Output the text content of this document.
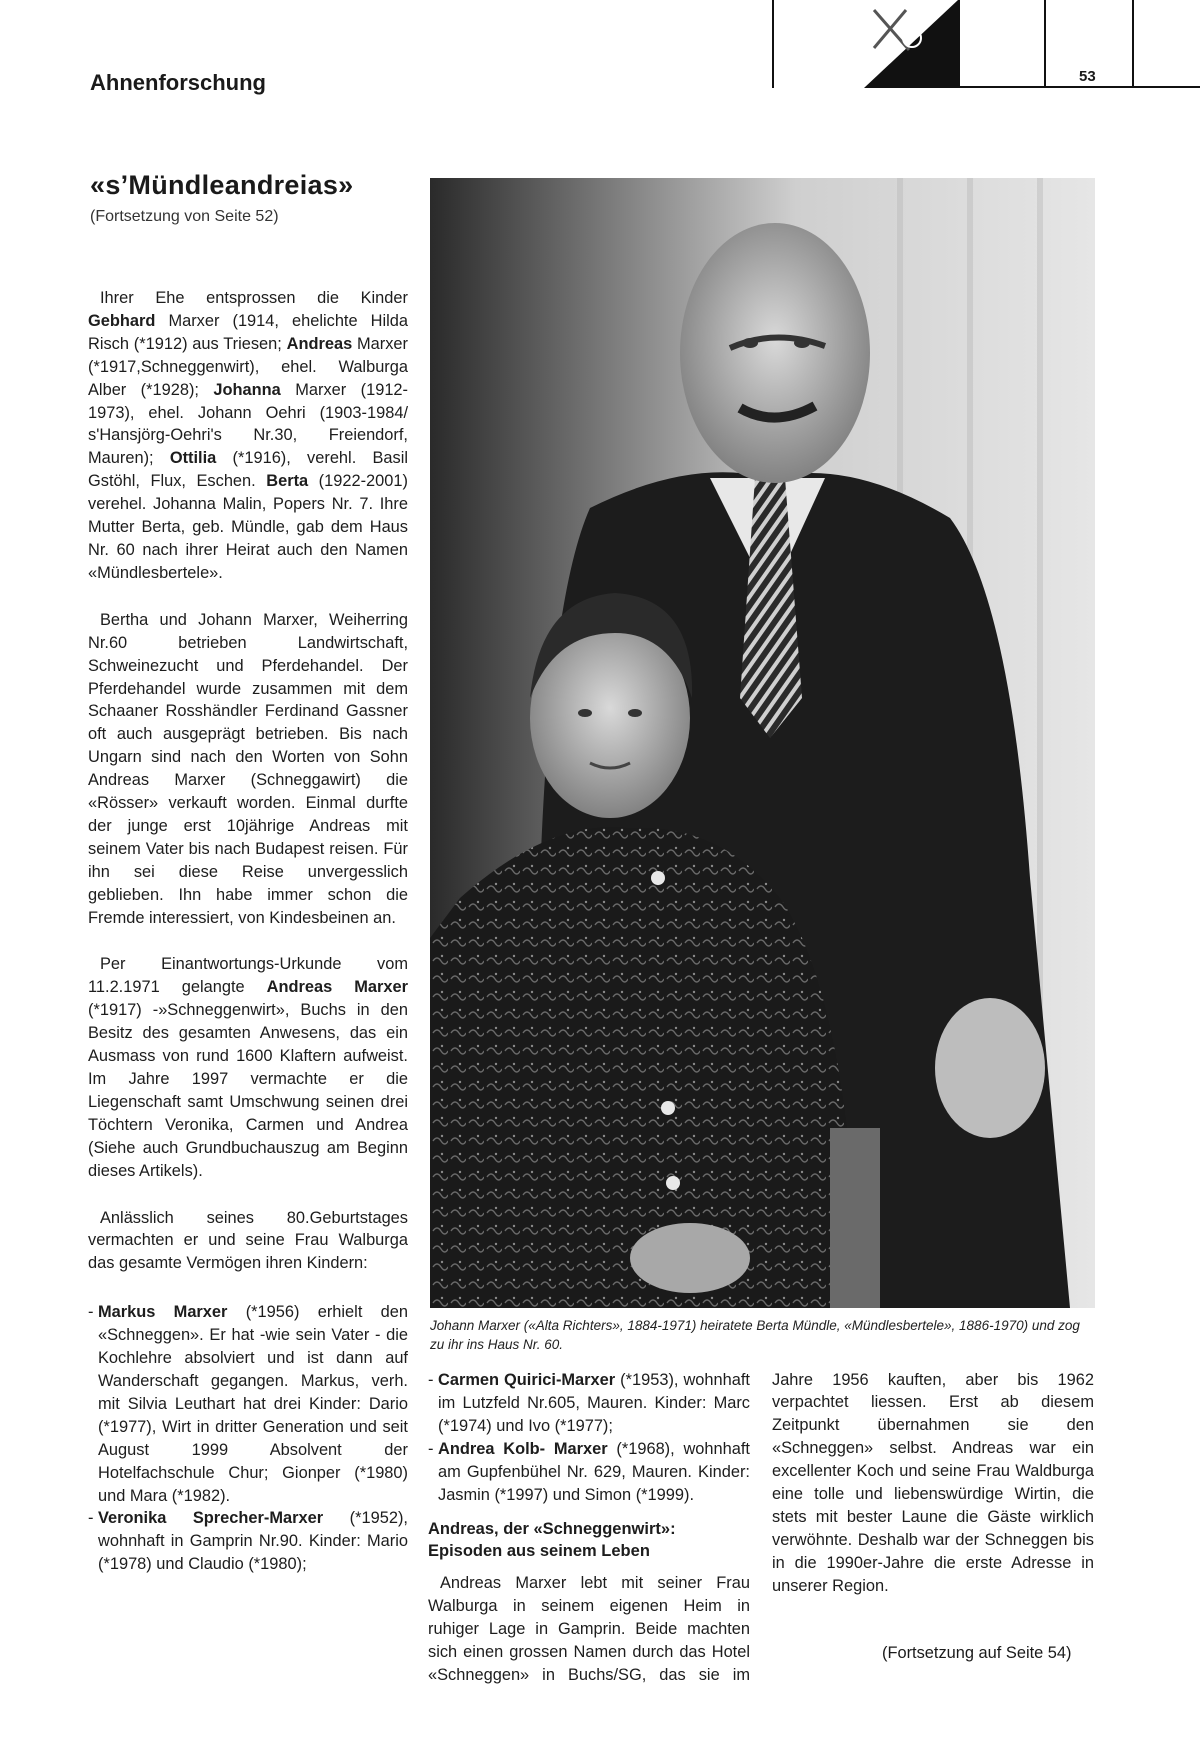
Ahnenforschung	53
«s’Mündleandreias»
(Fortsetzung von Seite 52)

Ihrer Ehe entsprossen die Kinder Gebhard Marxer (1914, ehelichte Hilda Risch (*1912) aus Triesen; Andreas Marxer (*1917,Schneggenwirt), ehel. Walburga Alber (*1928); Johanna Marxer (1912-1973), ehel. Johann Oehri (1903-1984/ s'Hansjörg-Oehri's Nr.30, Freiendorf, Mauren); Ottilia (*1916), verehl. Basil Gstöhl, Flux, Eschen. Berta (1922-2001) verehel. Johanna Malin, Popers Nr. 7. Ihre Mutter Berta, geb. Mündle, gab dem Haus Nr. 60 nach ihrer Heirat auch den Namen «Mündlesbertele».

Bertha und Johann Marxer, Weiherring Nr.60 betrieben Landwirtschaft, Schweinezucht und Pferdehandel. Der Pferdehandel wurde zusammen mit dem Schaaner Rosshändler Ferdinand Gassner oft auch ausgeprägt betrieben. Bis nach Ungarn sind nach den Worten von Sohn Andreas Marxer (Schneggawirt) die «Rösser» verkauft worden. Einmal durfte der junge erst 10jährige Andreas mit seinem Vater bis nach Budapest reisen. Für ihn sei diese Reise unvergesslich geblieben. Ihn habe immer schon die Fremde interessiert, von Kindesbeinen an.

Per Einantwortungs-Urkunde vom 11.2.1971 gelangte Andreas Marxer (*1917) -»Schneggenwirt», Buchs in den Besitz des gesamten Anwesens, das ein Ausmass von rund 1600 Klaftern aufweist. Im Jahre 1997 vermachte er die Liegenschaft samt Umschwung seinen drei Töchtern Veronika, Carmen und Andrea (Siehe auch Grundbuchauszug am Beginn dieses Artikels).

Anlässlich seines 80.Geburtstages vermachten er und seine Frau Walburga das gesamte Vermögen ihren Kindern:

- Markus Marxer (*1956) erhielt den «Schneggen». Er hat -wie sein Vater - die Kochlehre absolviert und ist dann auf Wanderschaft gegangen. Markus, verh. mit Silvia Leuthart hat drei Kinder: Dario (*1977), Wirt in dritter Generation und seit August 1999 Absolvent der Hotelfachschule Chur; Gionper (*1980) und Mara (*1982).
- Veronika Sprecher-Marxer (*1952), wohnhaft in Gamprin Nr.90. Kinder: Mario (*1978) und Claudio (*1980);
Johann Marxer («Alta Richters», 1884-1971) heiratete Berta Mündle, «Mündlesbertele», 1886-1970) und zog zu ihr ins Haus Nr. 60.
- Carmen Quirici-Marxer (*1953), wohnhaft im Lutzfeld Nr.605, Mauren. Kinder: Marc (*1974) und Ivo (*1977);
- Andrea Kolb- Marxer (*1968), wohnhaft am Gupfenbühel Nr. 629, Mauren. Kinder: Jasmin (*1997) und Simon (*1999).
Andreas, der «Schneggenwirt»: Episoden aus seinem Leben
Andreas Marxer lebt mit seiner Frau Walburga in seinem eigenen Heim in ruhiger Lage in Gamprin. Beide machten sich einen grossen Namen durch das Hotel «Schneggen» in Buchs/SG, das sie im
Jahre 1956 kauften, aber bis 1962 verpachtet liessen. Erst ab diesem Zeitpunkt übernahmen sie den «Schneggen» selbst. Andreas war ein excellenter Koch und seine Frau Waldburga eine tolle und liebenswürdige Wirtin, die stets mit bester Laune die Gäste wirklich verwöhnte. Deshalb war der Schneggen bis in die 1990er-Jahre die erste Adresse in unserer Region.
(Fortsetzung auf Seite 54)
